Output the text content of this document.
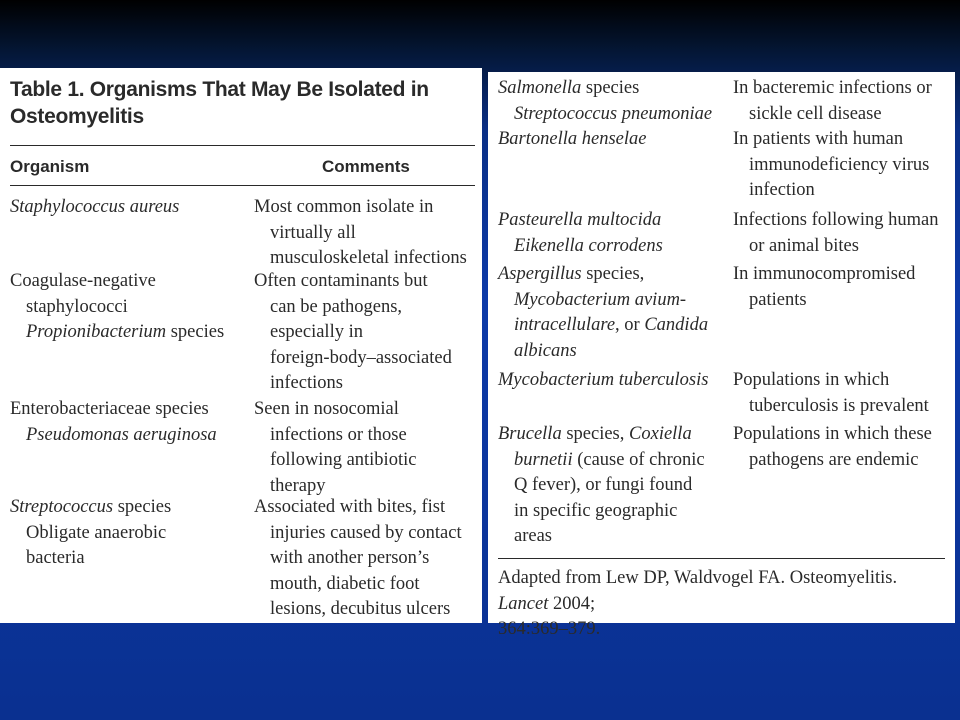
Table 1. Organisms That May Be Isolated in
Osteomyelitis
Organism	Comments
Staphylococcus aureus	Most common isolate in
virtually all
musculoskeletal infections
Coagulase-negative
staphylococci
Propionibacterium species
Often contaminants but
can be pathogens,
especially in
foreign-body–associated
infections
Enterobacteriaceae species
Pseudomonas aeruginosa
Seen in nosocomial
infections or those
following antibiotic
therapy
Streptococcus species
Obligate anaerobic
bacteria
Associated with bites, fist
injuries caused by contact
with another person’s
mouth, diabetic foot
lesions, decubitus ulcers
Salmonella species
Streptococcus pneumoniae
Bartonella henselae
In bacteremic infections or
sickle cell disease
In patients with human
immunodeficiency virus
infection
Pasteurella multocida
Eikenella corrodens
Infections following human
or animal bites
Aspergillus species,
Mycobacterium avium-
intracellulare, or Candida
albicans
In immunocompromised
patients
Mycobacterium tuberculosis Populations in which
tuberculosis is prevalent
Brucella species, Coxiella
burnetii (cause of chronic
Q fever), or fungi found
in specific geographic
areas
Populations in which these
pathogens are endemic
Adapted from Lew DP, Waldvogel FA. Osteomyelitis. Lancet 2004;
364:369–379.
